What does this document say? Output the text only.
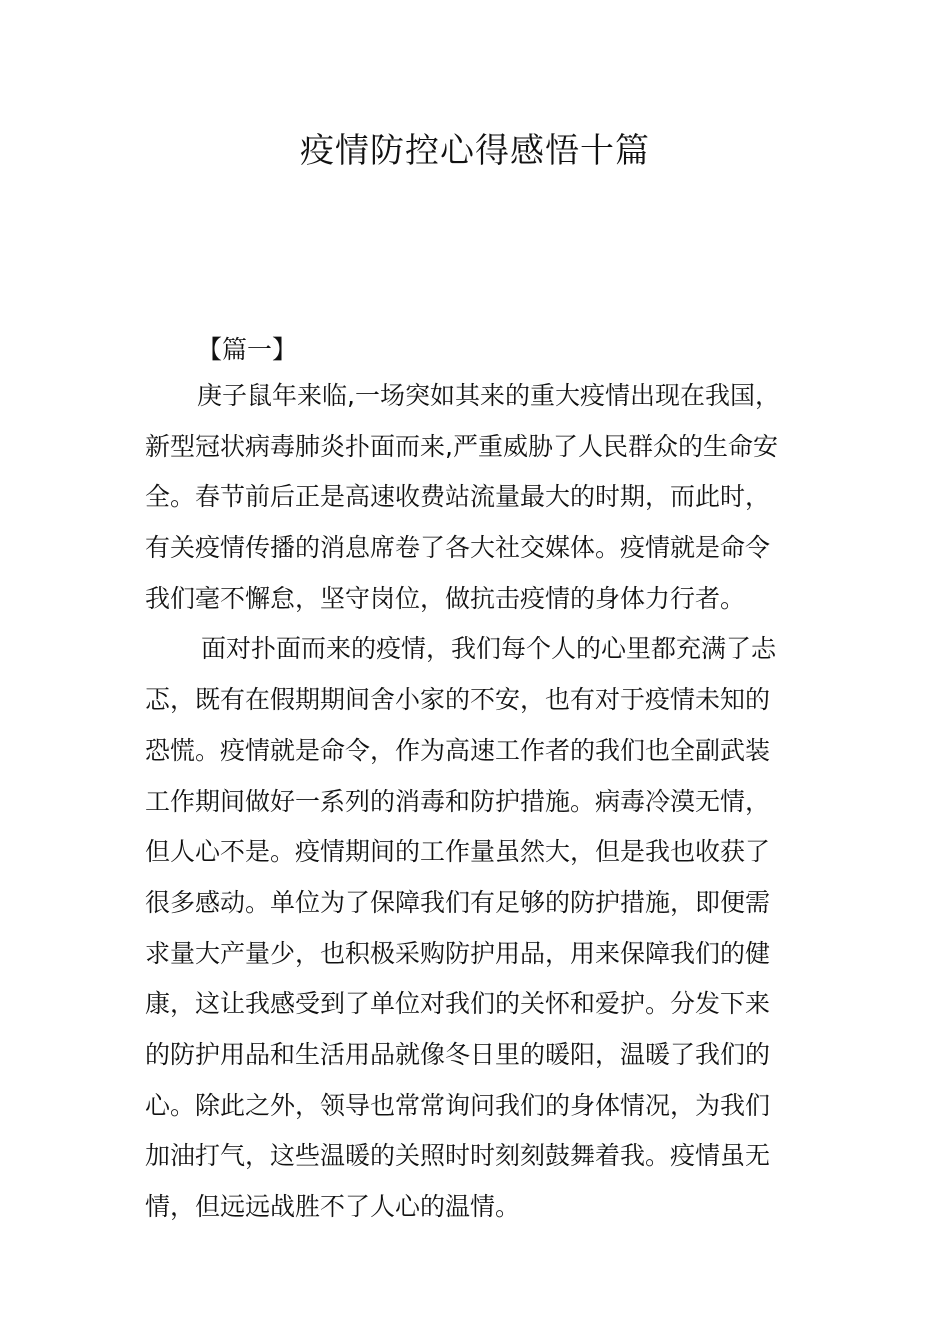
疫情防控心得感悟十篇
【篇一】
庚子鼠年来临,一场突如其来的重大疫情出现在我国，
新型冠状病毒肺炎扑面而来,严重威胁了人民群众的生命安
全。春节前后正是高速收费站流量最大的时期，而此时，
有关疫情传播的消息席卷了各大社交媒体。疫情就是命令
我们毫不懈怠，坚守岗位，做抗击疫情的身体力行者。
面对扑面而来的疫情，我们每个人的心里都充满了忐
忑，既有在假期期间舍小家的不安，也有对于疫情未知的
恐慌。疫情就是命令，作为高速工作者的我们也全副武装
工作期间做好一系列的消毒和防护措施。病毒冷漠无情，
但人心不是。疫情期间的工作量虽然大，但是我也收获了
很多感动。单位为了保障我们有足够的防护措施，即便需
求量大产量少，也积极采购防护用品，用来保障我们的健
康，这让我感受到了单位对我们的关怀和爱护。分发下来
的防护用品和生活用品就像冬日里的暖阳，温暖了我们的
心。除此之外，领导也常常询问我们的身体情况，为我们
加油打气，这些温暖的关照时时刻刻鼓舞着我。疫情虽无
情，但远远战胜不了人心的温情。
